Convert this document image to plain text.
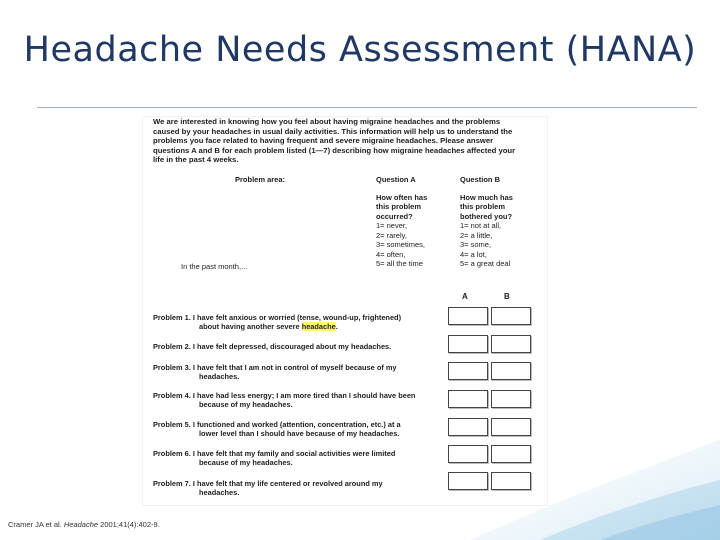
Headache Needs Assessment (HANA)
We are interested in knowing how you feel about having migraine headaches and the problems
caused by your headaches in usual daily activities. This information will help us to understand the
problems you face related to having frequent and severe migraine headaches. Please answer
questions A and B for each problem listed (1—7) describing how migraine headaches affected your
life in the past 4 weeks.
Problem area:
In the past month,...
Question A
How often has
this problem
occurred?
1= never,
2= rarely,
3= sometimes,
4= often,
5= all the time
Question B
How much has
this problem
bothered you?
1= not at all,
2= a little,
3= some,
4= a lot,
5= a great deal
A	B
Problem 1. I have felt anxious or worried (tense, wound-up, frightened)
about having another severe headache.
Problem 2. I have felt depressed, discouraged about my headaches.
Problem 3. I have felt that I am not in control of myself because of my
headaches.
Problem 4. I have had less energy; I am more tired than I should have been
because of my headaches.
Problem 5. I functioned and worked (attention, concentration, etc.) at a
lower level than I should have because of my headaches.
Problem 6. I have felt that my family and social activities were limited
because of my headaches.
Problem 7. I have felt that my life centered or revolved around my
headaches.
Cramer JA et al. Headache 2001;41(4):402-9.
